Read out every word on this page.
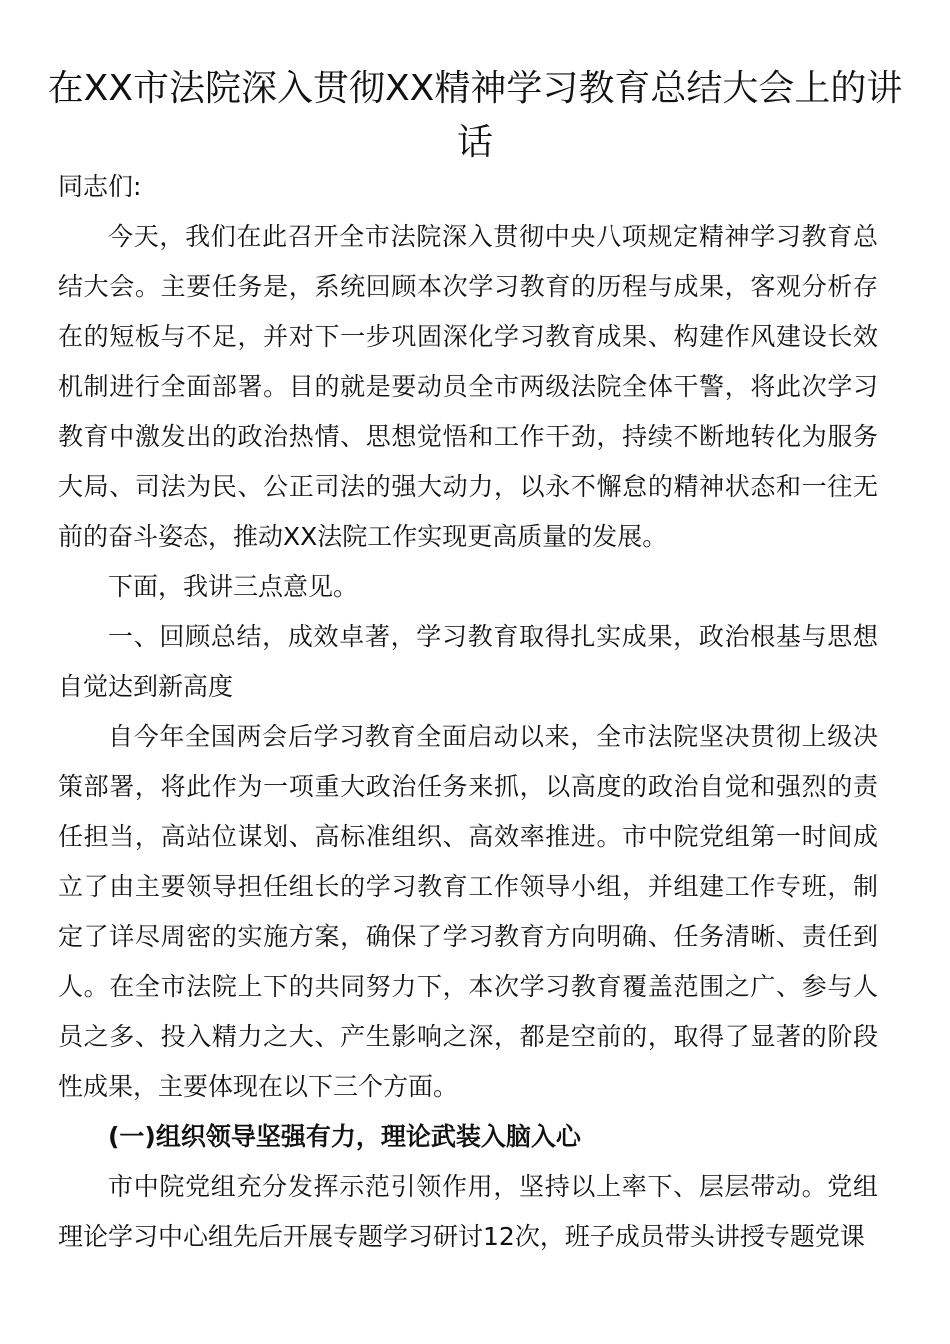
在XX市法院深入贯彻XX精神学习教育总结大会上的讲话

同志们:

今天，我们在此召开全市法院深入贯彻中央八项规定精神学习教育总结大会。主要任务是，系统回顾本次学习教育的历程与成果，客观分析存在的短板与不足，并对下一步巩固深化学习教育成果、构建作风建设长效机制进行全面部署。目的就是要动员全市两级法院全体干警，将此次学习教育中激发出的政治热情、思想觉悟和工作干劲，持续不断地转化为服务大局、司法为民、公正司法的强大动力，以永不懈怠的精神状态和一往无前的奋斗姿态，推动XX法院工作实现更高质量的发展。

下面，我讲三点意见。

一、回顾总结，成效卓著，学习教育取得扎实成果，政治根基与思想自觉达到新高度

自今年全国两会后学习教育全面启动以来，全市法院坚决贯彻上级决策部署，将此作为一项重大政治任务来抓，以高度的政治自觉和强烈的责任担当，高站位谋划、高标准组织、高效率推进。市中院党组第一时间成立了由主要领导担任组长的学习教育工作领导小组，并组建工作专班，制定了详尽周密的实施方案，确保了学习教育方向明确、任务清晰、责任到人。在全市法院上下的共同努力下，本次学习教育覆盖范围之广、参与人员之多、投入精力之大、产生影响之深，都是空前的，取得了显著的阶段性成果，主要体现在以下三个方面。

(一)组织领导坚强有力，理论武装入脑入心

市中院党组充分发挥示范引领作用，坚持以上率下、层层带动。党组理论学习中心组先后开展专题学习研讨12次，班子成员带头讲授专题党课
